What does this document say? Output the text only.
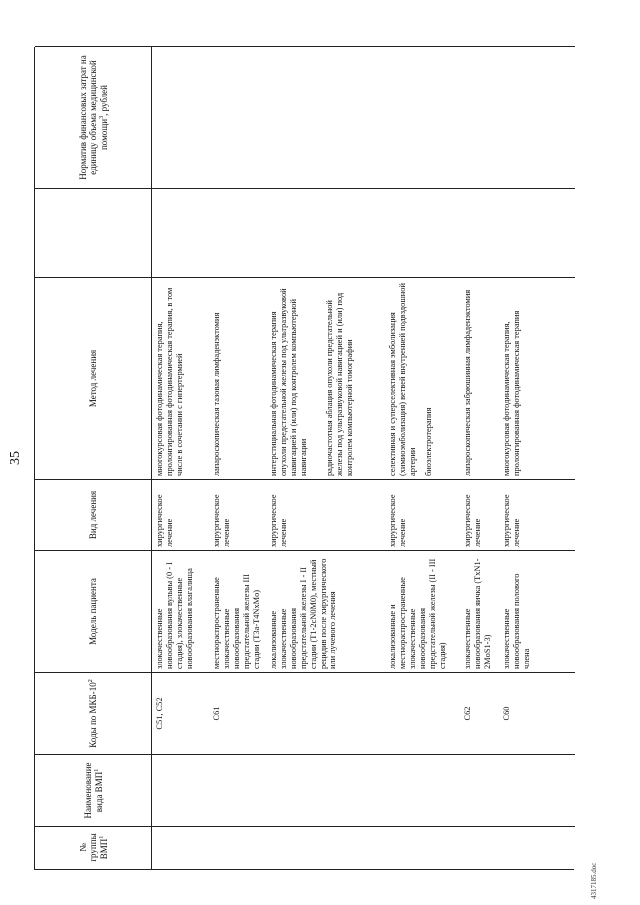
35
4317185.doc
№ группы ВМП$^1$
Наименование вида ВМП$^1$
Коды по МКБ-$10^2$
Модель пациента
Вид лечения
Метод лечения
Норматив финансовых затрат на единицу объема медицинской помощи$^3$, рублей
C51, C52
злокачественные новообразования вульвы (0 - I стадия), злокачественные новообразования влагалища
хирургическое лечение
многокурсовая фотодинамическая терапия, пролонгированная фотодинамическая терапия, в том числе в сочетании с гипертермией
C61
местнораспространенные злокачественные новообразования предстательной железы III стадии (T3a-T4NxMo)
хирургическое лечение
лапароскопическая тазовая лимфаденэктомия
локализованные злокачественные новообразования предстательной железы I - II стадии (T1-2cN0M0), местный рецидив после хирургического или лучевого лечения
хирургическое лечение
интерстициальная фотодинамическая терапия опухоли предстательной железы под ультразвуковой навигацией и (или) под контролем компьютерной навигации радиочастотная аблация опухоли предстательной железы под ультразвуковой навигацией и (или) под контролем компьютерной томографии
локализованные и местнораспространенные злокачественные новообразования предстательной железы (II - III стадия)
хирургическое лечение
селективная и суперселективная эмболизация (химиоэмболизация) ветвей внутренней подвздошной артерии биоэлектротерапия
C62
злокачественные новообразования яичка (TxN1-2MoS1-3)
хирургическое лечение
лапароскопическая забрюшинная лимфаденэктомия
C60
злокачественные новообразования полового члена
хирургическое лечение
многокурсовая фотодинамическая терапия, пролонгированная фотодинамическая терапия
